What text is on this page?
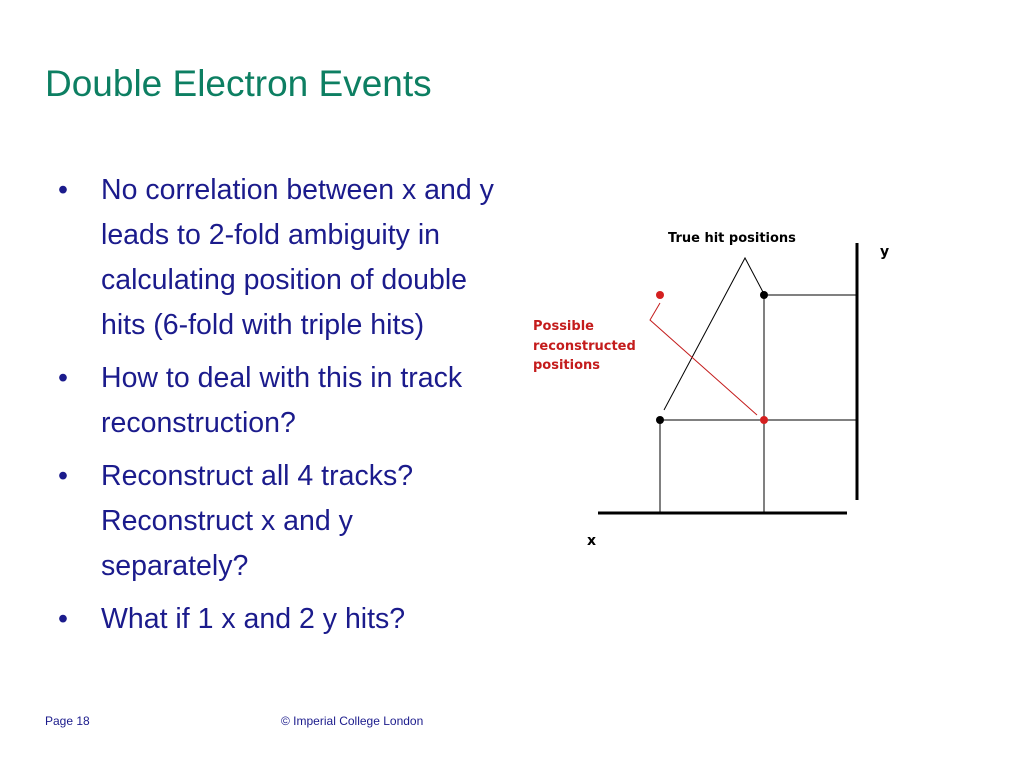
Double Electron Events
• No correlation between x and y leads to 2-fold ambiguity in calculating position of double hits (6-fold with triple hits)
• How to deal with this in track reconstruction?
• Reconstruct all 4 tracks? Reconstruct x and y separately?
• What if 1 x and 2 y hits?
True hit positions
y
x
Possible
reconstructed
positions
Page 18	© Imperial College London
